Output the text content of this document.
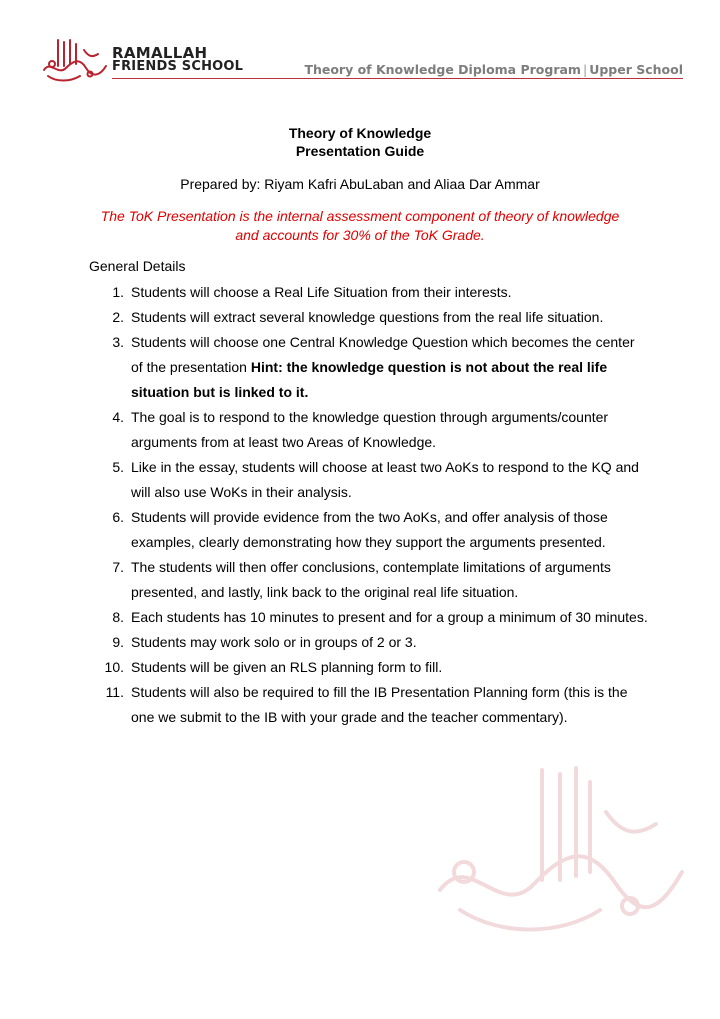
RAMALLAH
FRIENDS SCHOOL	Theory of Knowledge Diploma Program | Upper School
Theory of Knowledge
Presentation Guide
Prepared by: Riyam Kafri AbuLaban and Aliaa Dar Ammar
The ToK Presentation is the internal assessment component of theory of knowledge and accounts for 30% of the ToK Grade.
General Details
1. Students will choose a Real Life Situation from their interests.
2. Students will extract several knowledge questions from the real life situation.
3. Students will choose one Central Knowledge Question which becomes the center of the presentation Hint: the knowledge question is not about the real life situation but is linked to it.
4. The goal is to respond to the knowledge question through arguments/counter arguments from at least two Areas of Knowledge.
5. Like in the essay, students will choose at least two AoKs to respond to the KQ and will also use WoKs in their analysis.
6. Students will provide evidence from the two AoKs, and offer analysis of those examples, clearly demonstrating how they support the arguments presented.
7. The students will then offer conclusions, contemplate limitations of arguments presented, and lastly, link back to the original real life situation.
8. Each students has 10 minutes to present and for a group a minimum of 30 minutes.
9. Students may work solo or in groups of 2 or 3.
10. Students will be given an RLS planning form to fill.
11. Students will also be required to fill the IB Presentation Planning form (this is the one we submit to the IB with your grade and the teacher commentary).
